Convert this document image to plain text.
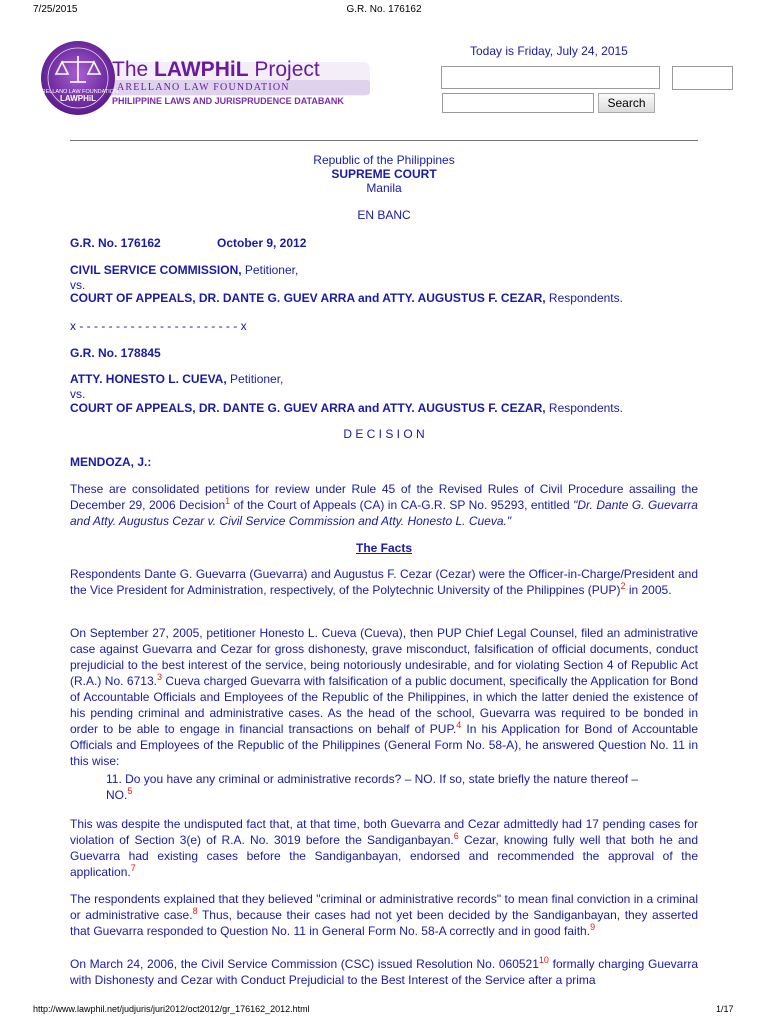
7/25/2015	G.R. No. 176162
ARELLANO LAW FOUNDATION
LAWPHiL
The LAWPHiL Project
ARELLANO LAW FOUNDATION
PHILIPPINE LAWS AND JURISPRUDENCE DATABANK
Today is Friday, July 24, 2015
Search
Republic of the Philippines
SUPREME COURT
Manila
EN BANC
G.R. No. 176162	October 9, 2012
CIVIL SERVICE COMMISSION, Petitioner,
vs.
COURT OF APPEALS, DR. DANTE G. GUEV ARRA and ATTY. AUGUSTUS F. CEZAR, Respondents.
x - - - - - - - - - - - - - - - - - - - - - - x
G.R. No. 178845
ATTY. HONESTO L. CUEVA, Petitioner,
vs.
COURT OF APPEALS, DR. DANTE G. GUEV ARRA and ATTY. AUGUSTUS F. CEZAR, Respondents.
D E C I S I O N
MENDOZA, J.:

These are consolidated petitions for review under Rule 45 of the Revised Rules of Civil Procedure assailing the December 29, 2006 Decision$^1$ of the Court of Appeals (CA) in CA-G.R. SP No. 95293, entitled "Dr. Dante G. Guevarra and Atty. Augustus Cezar v. Civil Service Commission and Atty. Honesto L. Cueva."

The Facts

Respondents Dante G. Guevarra (Guevarra) and Augustus F. Cezar (Cezar) were the Officer-in-Charge/President and the Vice President for Administration, respectively, of the Polytechnic University of the Philippines (PUP)$^2$ in 2005.

On September 27, 2005, petitioner Honesto L. Cueva (Cueva), then PUP Chief Legal Counsel, filed an administrative case against Guevarra and Cezar for gross dishonesty, grave misconduct, falsification of official documents, conduct prejudicial to the best interest of the service, being notoriously undesirable, and for violating Section 4 of Republic Act (R.A.) No. 6713.$^3$ Cueva charged Guevarra with falsification of a public document, specifically the Application for Bond of Accountable Officials and Employees of the Republic of the Philippines, in which the latter denied the existence of his pending criminal and administrative cases. As the head of the school, Guevarra was required to be bonded in order to be able to engage in financial transactions on behalf of PUP.$^4$ In his Application for Bond of Accountable Officials and Employees of the Republic of the Philippines (General Form No. 58-A), he answered Question No. 11 in this wise:

11. Do you have any criminal or administrative records? – NO. If so, state briefly the nature thereof – NO.$^5$

This was despite the undisputed fact that, at that time, both Guevarra and Cezar admittedly had 17 pending cases for violation of Section 3(e) of R.A. No. 3019 before the Sandiganbayan.$^6$ Cezar, knowing fully well that both he and Guevarra had existing cases before the Sandiganbayan, endorsed and recommended the approval of the application.$^7$

The respondents explained that they believed "criminal or administrative records" to mean final conviction in a criminal or administrative case.$^8$ Thus, because their cases had not yet been decided by the Sandiganbayan, they asserted that Guevarra responded to Question No. 11 in General Form No. 58-A correctly and in good faith.$^9$

On March 24, 2006, the Civil Service Commission (CSC) issued Resolution No. 060521$^{10}$ formally charging Guevarra with Dishonesty and Cezar with Conduct Prejudicial to the Best Interest of the Service after a prima

http://www.lawphil.net/judjuris/juri2012/oct2012/gr_176162_2012.html	1/17
